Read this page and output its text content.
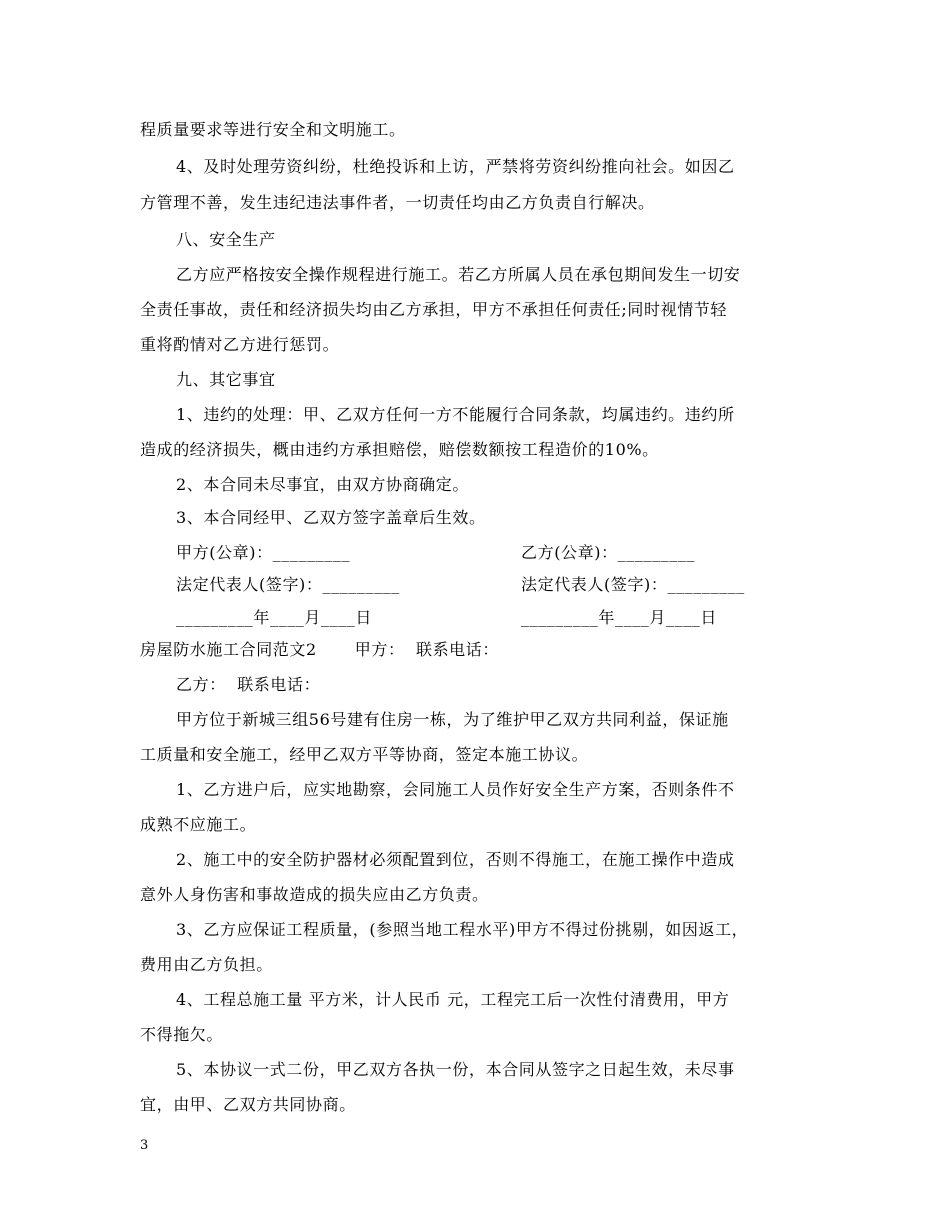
程质量要求等进行安全和文明施工。
4、及时处理劳资纠纷，杜绝投诉和上访，严禁将劳资纠纷推向社会。如因乙
方管理不善，发生违纪违法事件者，一切责任均由乙方负责自行解决。
八、安全生产
乙方应严格按安全操作规程进行施工。若乙方所属人员在承包期间发生一切安
全责任事故，责任和经济损失均由乙方承担，甲方不承担任何责任;同时视情节轻
重将酌情对乙方进行惩罚。
九、其它事宜
1、违约的处理：甲、乙双方任何一方不能履行合同条款，均属违约。违约所
造成的经济损失，概由违约方承担赔偿，赔偿数额按工程造价的10%。
2、本合同未尽事宜，由双方协商确定。
3、本合同经甲、乙双方签字盖章后生效。
甲方(公章)：_________	乙方(公章)：_________
法定代表人(签字)：_________	法定代表人(签字)：_________
_________年____月____日	_________年____月____日
房屋防水施工合同范文2 甲方： 联系电话：
乙方： 联系电话：
甲方位于新城三组56号建有住房一栋，为了维护甲乙双方共同利益，保证施
工质量和安全施工，经甲乙双方平等协商，签定本施工协议。
1、乙方进户后，应实地勘察，会同施工人员作好安全生产方案，否则条件不
成熟不应施工。
2、施工中的安全防护器材必须配置到位，否则不得施工，在施工操作中造成
意外人身伤害和事故造成的损失应由乙方负责。
3、乙方应保证工程质量，(参照当地工程水平)甲方不得过份挑剔，如因返工，
费用由乙方负担。
4、工程总施工量 平方米，计人民币 元，工程完工后一次性付清费用，甲方
不得拖欠。
5、本协议一式二份，甲乙双方各执一份，本合同从签字之日起生效，未尽事
宜，由甲、乙双方共同协商。
3
